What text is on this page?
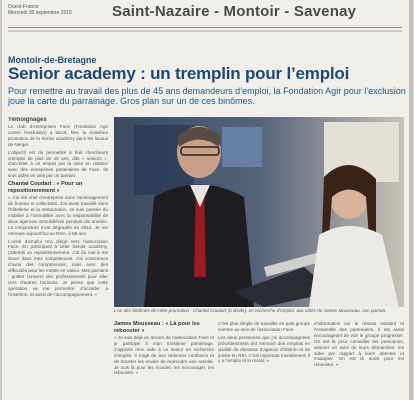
Ouest-France
Mercredi 30 septembre 2015	Saint-Nazaire - Montoir - Savenay
Montoir-de-Bretagne
Senior academy : un tremplin pour l’emploi
Pour remettre au travail des plus de 45 ans demandeurs d’emploi, la Fondation Agir pour l’exclusion joue la carte du parrainage. Gros plan sur un de ces binômes.
Témoignages

Le club d’entreprises Face (Fondation Agir contre l’exclusion) a lancé, hier, la troisième promotion de la Senior académy dans les locaux de Nergie.

L’objectif est de permettre à huit chercheurs d’emploi de plus de 45 ans, dits « seniors », d’accéder à un emploi par la mise en relation avec des entreprises partenaires de Face. Ils sont aidés en cela par un parrain.

Chantal Coudart : « Pour un repositionnement »

« J’ai été chef d’entreprise dans l’aménagement de bureau et collectivité. J’ai aussi travaillé dans l’hôtellerie et la restauration. Je suis passée du mobilier à l’immobilier avec la responsabilité de deux agences immobilières pendant dix années. La conjoncture s’est dégradée en 2014. Je me retrouve aujourd’hui au RSA, à 59 ans.

L’unité d’emploi m’a dirigé vers l’association Face. En participant à cette Senior académy, j’attends un repositionnement. J’ai du mal à me situer dans mes compétences. J’ai conscience d’avoir des compétences, mais avec des difficultés pour les mettre en valeur. Mes parrains : quitter l’univers des professionnels pour aller vers d’autres horizons. Je pense que cette opération va me permettre d’accéder à l’insertion, et aussi de l’accompagnement. »

L’un des binômes de cette promotion : Chantal Coudart (à droite), en recherche d’emploi, aux côtés de James Mousseau, son parrain.
James Mousseau : « Là pour les rebooster »

« Je suis déjà un ancien de l’association Face et je participe à mon troisième parrainage. J’apporte mon aide à un senior en recherche d’emploi. Il s’agit de leur redonner confiance et de booster les envies de reprendre une activité. Je suis là pour les écouter, les encourager, les rebooster. »

C’est plus simple de travailler en petit groupe comme au sein de l’association Face.

Les deux personnes que j’ai accompagnées précédemment ont retrouvé des emplois en qualité de directeur d’agence d’intérim et de juriste en RSI. C’est important moralement, il y a l’emploi et le moral. »

d’information sur le réseau existant et l’ensemble des partenaires. Il est aussi encourageant de voir le groupe progresser. On est là pour conseiller les personnes, assurer un suivi de leurs démarches, les aider par rapport à leurs attentes et s’adapter. On est là aussi pour les rebooster. »
